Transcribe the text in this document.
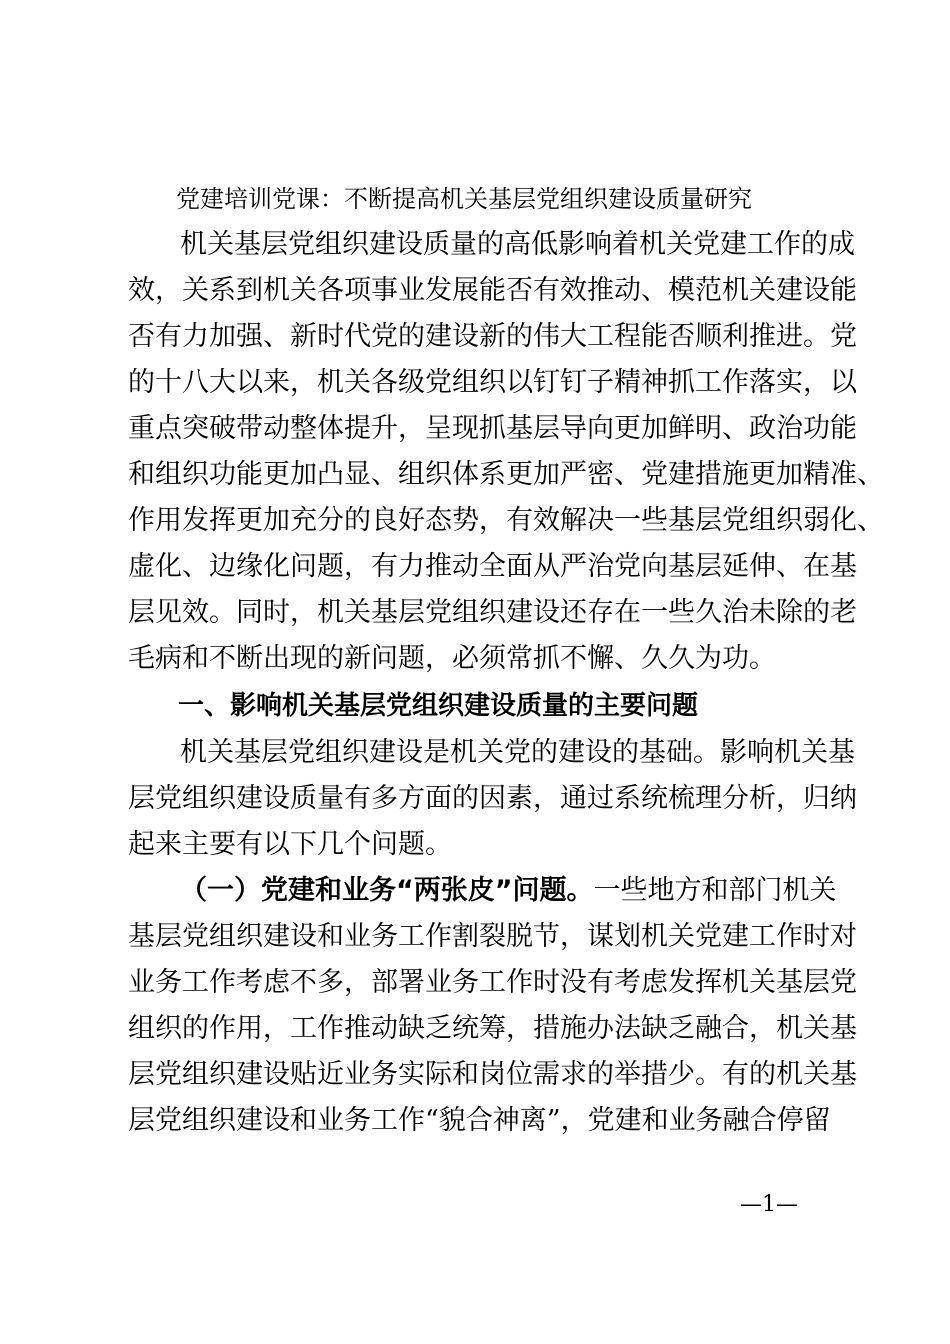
党建培训党课：不断提高机关基层党组织建设质量研究
机关基层党组织建设质量的高低影响着机关党建工作的成
效，关系到机关各项事业发展能否有效推动、模范机关建设能
否有力加强、新时代党的建设新的伟大工程能否顺利推进。党
的十八大以来，机关各级党组织以钉钉子精神抓工作落实，以
重点突破带动整体提升，呈现抓基层导向更加鲜明、政治功能
和组织功能更加凸显、组织体系更加严密、党建措施更加精准、
作用发挥更加充分的良好态势，有效解决一些基层党组织弱化、
虚化、边缘化问题，有力推动全面从严治党向基层延伸、在基
层见效。同时，机关基层党组织建设还存在一些久治未除的老
毛病和不断出现的新问题，必须常抓不懈、久久为功。
一、影响机关基层党组织建设质量的主要问题
机关基层党组织建设是机关党的建设的基础。影响机关基
层党组织建设质量有多方面的因素，通过系统梳理分析，归纳
起来主要有以下几个问题。
（一）党建和业务“两张皮”问题。一些地方和部门机关
基层党组织建设和业务工作割裂脱节，谋划机关党建工作时对
业务工作考虑不多，部署业务工作时没有考虑发挥机关基层党
组织的作用，工作推动缺乏统筹，措施办法缺乏融合，机关基
层党组织建设贴近业务实际和岗位需求的举措少。有的机关基
层党组织建设和业务工作“貌合神离”，党建和业务融合停留
—1—
